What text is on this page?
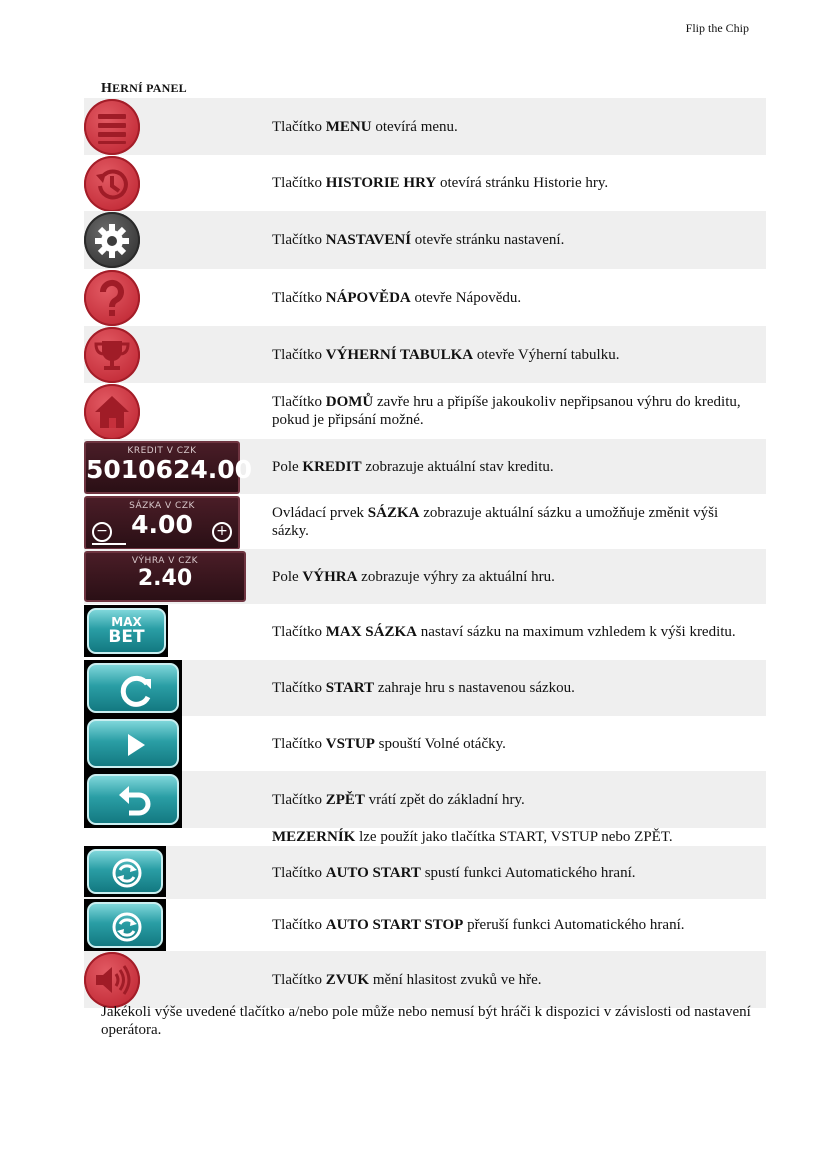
Flip the Chip
HERNÍ PANEL
Tlačítko MENU otevírá menu.
Tlačítko HISTORIE HRY otevírá stránku Historie hry.
Tlačítko NASTAVENÍ otevře stránku nastavení.
Tlačítko NÁPOVĚDA otevře Nápovědu.
Tlačítko VÝHERNÍ TABULKA otevře Výherní tabulku.
Tlačítko DOMŮ zavře hru a připíše jakoukoliv nepřipsanou výhru do kreditu, pokud je připsání možné.
KREDIT V CZK
5010624.00 Pole KREDIT zobrazuje aktuální stav kreditu.
SÁZKA V CZK
4.00
−	+
Ovládací prvek SÁZKA zobrazuje aktuální sázku a umožňuje změnit výši sázky.
VÝHRA V CZK
2.40	Pole VÝHRA zobrazuje výhry za aktuální hru.
MAX
BET	Tlačítko MAX SÁZKA nastaví sázku na maximum vzhledem k výši kreditu.
Tlačítko START zahraje hru s nastavenou sázkou.
Tlačítko VSTUP spouští Volné otáčky.
Tlačítko ZPĚT vrátí zpět do základní hry.
MEZERNÍK lze použít jako tlačítka START, VSTUP nebo ZPĚT.
Tlačítko AUTO START spustí funkci Automatického hraní.
Tlačítko AUTO START STOP přeruší funkci Automatického hraní.
Tlačítko ZVUK mění hlasitost zvuků ve hře.
Jakékoli výše uvedené tlačítko a/nebo pole může nebo nemusí být hráči k dispozici v závislosti od nastavení operátora.
